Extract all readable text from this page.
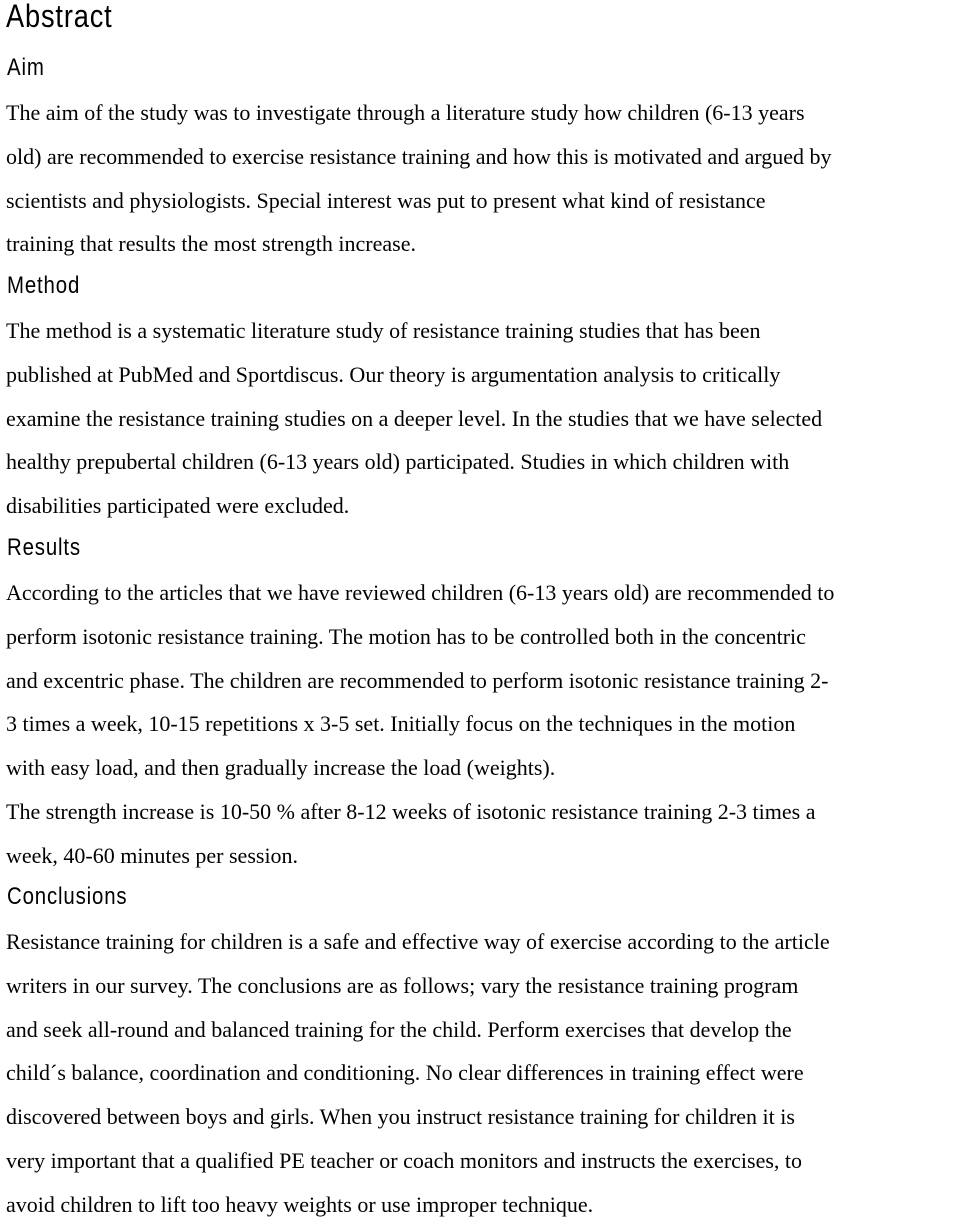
Abstract
Aim
The aim of the study was to investigate through a literature study how children (6-13 years
old) are recommended to exercise resistance training and how this is motivated and argued by
scientists and physiologists. Special interest was put to present what kind of resistance
training that results the most strength increase.
Method
The method is a systematic literature study of resistance training studies that has been
published at PubMed and Sportdiscus. Our theory is argumentation analysis to critically
examine the resistance training studies on a deeper level. In the studies that we have selected
healthy prepubertal children (6-13 years old) participated. Studies in which children with
disabilities participated were excluded.
Results
According to the articles that we have reviewed children (6-13 years old) are recommended to
perform isotonic resistance training. The motion has to be controlled both in the concentric
and excentric phase. The children are recommended to perform isotonic resistance training 2-
3 times a week, 10-15 repetitions x 3-5 set. Initially focus on the techniques in the motion
with easy load, and then gradually increase the load (weights).
The strength increase is 10-50 % after 8-12 weeks of isotonic resistance training 2-3 times a
week, 40-60 minutes per session.
Conclusions
Resistance training for children is a safe and effective way of exercise according to the article
writers in our survey. The conclusions are as follows; vary the resistance training program
and seek all-round and balanced training for the child. Perform exercises that develop the
child´s balance, coordination and conditioning. No clear differences in training effect were
discovered between boys and girls. When you instruct resistance training for children it is
very important that a qualified PE teacher or coach monitors and instructs the exercises, to
avoid children to lift too heavy weights or use improper technique.
